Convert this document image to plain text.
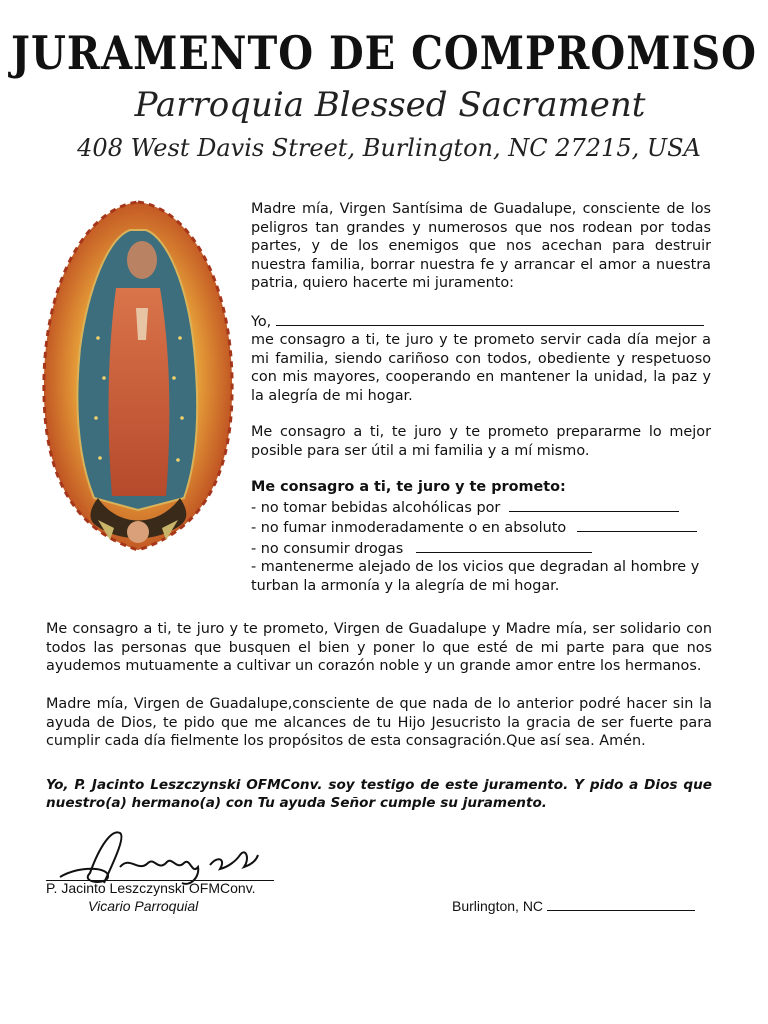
JURAMENTO DE COMPROMISO
Parroquia Blessed Sacrament
408 West Davis Street, Burlington, NC 27215, USA

Madre mía, Virgen Santísima de Guadalupe, consciente de los peligros tan grandes y numerosos que nos rodean por todas partes, y de los enemigos que nos acechan para destruir nuestra familia, borrar nuestra fe y arrancar el amor a nuestra patria, quiero hacerte mi juramento:

Yo,

me consagro a ti, te juro y te prometo servir cada día mejor a mi familia, siendo cariñoso con todos, obediente y respetuoso con mis mayores, cooperando en mantener la unidad, la paz y la alegría de mi hogar.

Me consagro a ti, te juro y te prometo prepararme lo mejor posible para ser útil a mi familia y a mí mismo.

Me consagro a ti, te juro y te prometo:

- no tomar bebidas alcohólicas por

- no fumar inmoderadamente o en absoluto

- no consumir drogas

- mantenerme alejado de los vicios que degradan al hombre y turban la armonía y la alegría de mi hogar.

Me consagro a ti, te juro y te prometo, Virgen de Guadalupe y Madre mía, ser solidario con todos las personas que busquen el bien y poner lo que esté de mi parte para que nos ayudemos mutuamente a cultivar un corazón noble y un grande amor entre los hermanos.

Madre mía, Virgen de Guadalupe,consciente de que nada de lo anterior podré hacer sin la ayuda de Dios, te pido que me alcances de tu Hijo Jesucristo la gracia de ser fuerte para cumplir cada día fielmente los propósitos de esta consagración.Que así sea. Amén.

Yo, P. Jacinto Leszczynski OFMConv. soy testigo de este juramento. Y pido a Dios que nuestro(a) hermano(a) con Tu ayuda Señor cumple su juramento.

P. Jacinto Leszczynski OFMConv.
Vicario Parroquial	Burlington, NC
